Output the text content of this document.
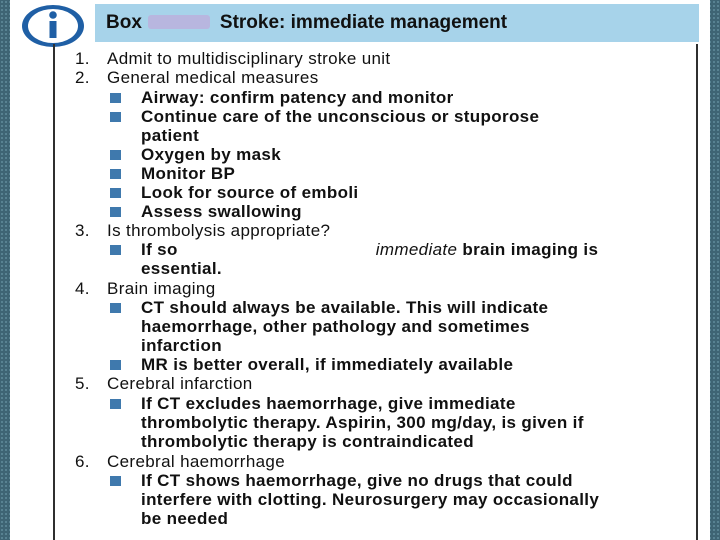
Box	Stroke: immediate management
1. Admit to multidisciplinary stroke unit
2. General medical measures
Airway: confirm patency and monitor
Continue care of the unconscious or stuporose
patient
Oxygen by mask
Monitor BP
Look for source of emboli
Assess swallowing
3. Is thrombolysis appropriate?
If so	immediate brain imaging is
essential.
4. Brain imaging
CT should always be available. This will indicate
haemorrhage, other pathology and sometimes
infarction
MR is better overall, if immediately available
5. Cerebral infarction
If CT excludes haemorrhage, give immediate
thrombolytic therapy. Aspirin, 300 mg/day, is given if
thrombolytic therapy is contraindicated
6. Cerebral haemorrhage
If CT shows haemorrhage, give no drugs that could
interfere with clotting. Neurosurgery may occasionally
be needed
